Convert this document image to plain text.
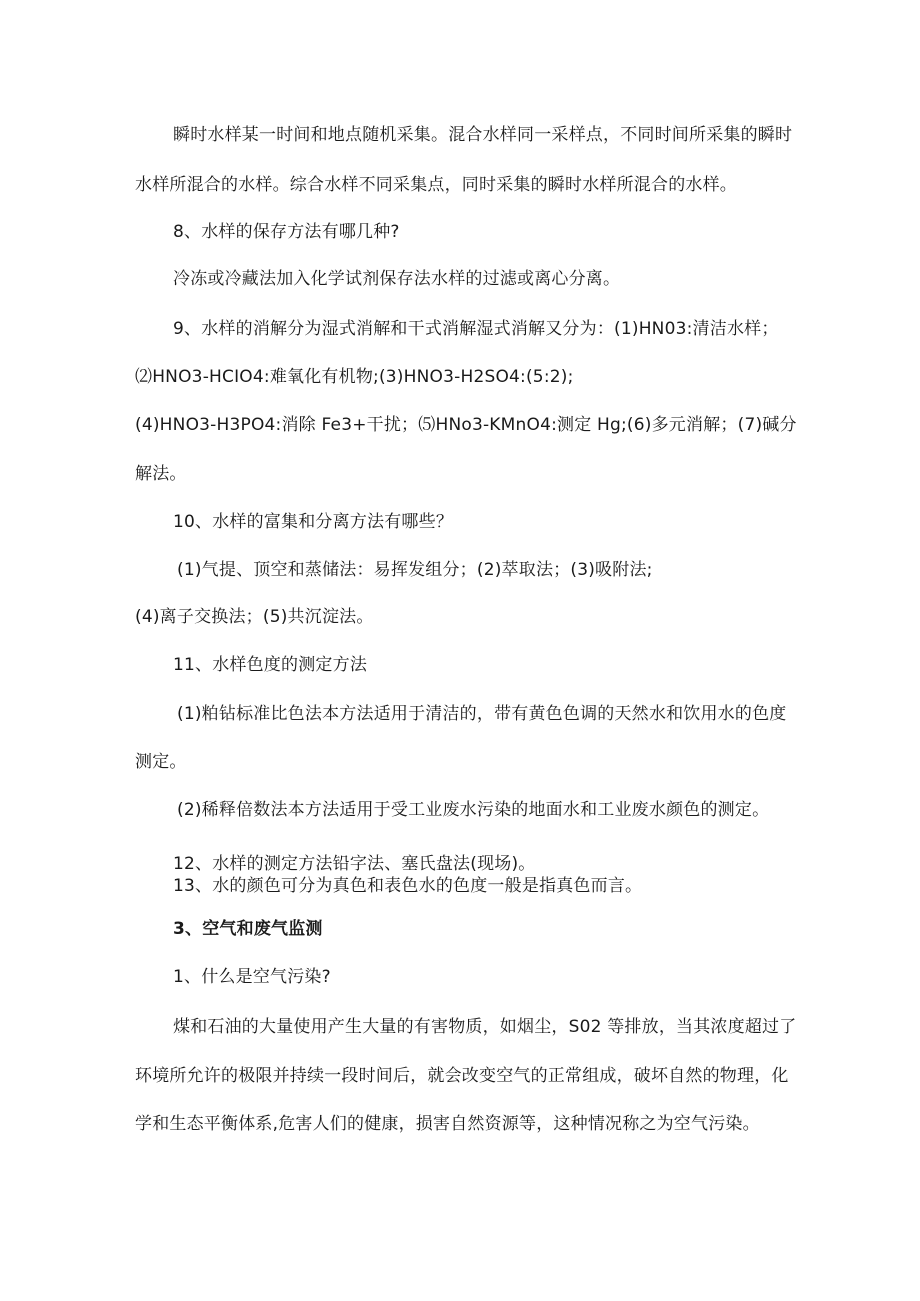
瞬时水样某一时间和地点随机采集。混合水样同一采样点，不同时间所采集的瞬时
水样所混合的水样。综合水样不同采集点，同时采集的瞬时水样所混合的水样。
8、水样的保存方法有哪几种?
冷冻或冷藏法加入化学试剂保存法水样的过滤或离心分离。
9、水样的消解分为湿式消解和干式消解湿式消解又分为：(1)HN03:清洁水样；
⑵HNO3-HCIO4:难氧化有机物;(3)HNO3-H2SO4:(5:2);
(4)HNO3-H3PO4:消除 Fe3+干扰；⑸HNo3-KMnO4:测定 Hg;(6)多元消解；(7)碱分
解法。
10、水样的富集和分离方法有哪些？
(1)气提、顶空和蒸储法：易挥发组分；(2)萃取法；(3)吸附法;
(4)离子交换法；(5)共沉淀法。
11、水样色度的测定方法
(1)粕钻标准比色法本方法适用于清洁的，带有黄色色调的天然水和饮用水的色度
测定。
(2)稀释倍数法本方法适用于受工业废水污染的地面水和工业废水颜色的测定。
12、水样的测定方法铅字法、塞氏盘法(现场)。
13、水的颜色可分为真色和表色水的色度一般是指真色而言。
3、空气和废气监测
1、什么是空气污染?
煤和石油的大量使用产生大量的有害物质，如烟尘，S02 等排放，当其浓度超过了
环境所允许的极限并持续一段时间后，就会改变空气的正常组成，破坏自然的物理，化
学和生态平衡体系,危害人们的健康，损害自然资源等，这种情况称之为空气污染。
